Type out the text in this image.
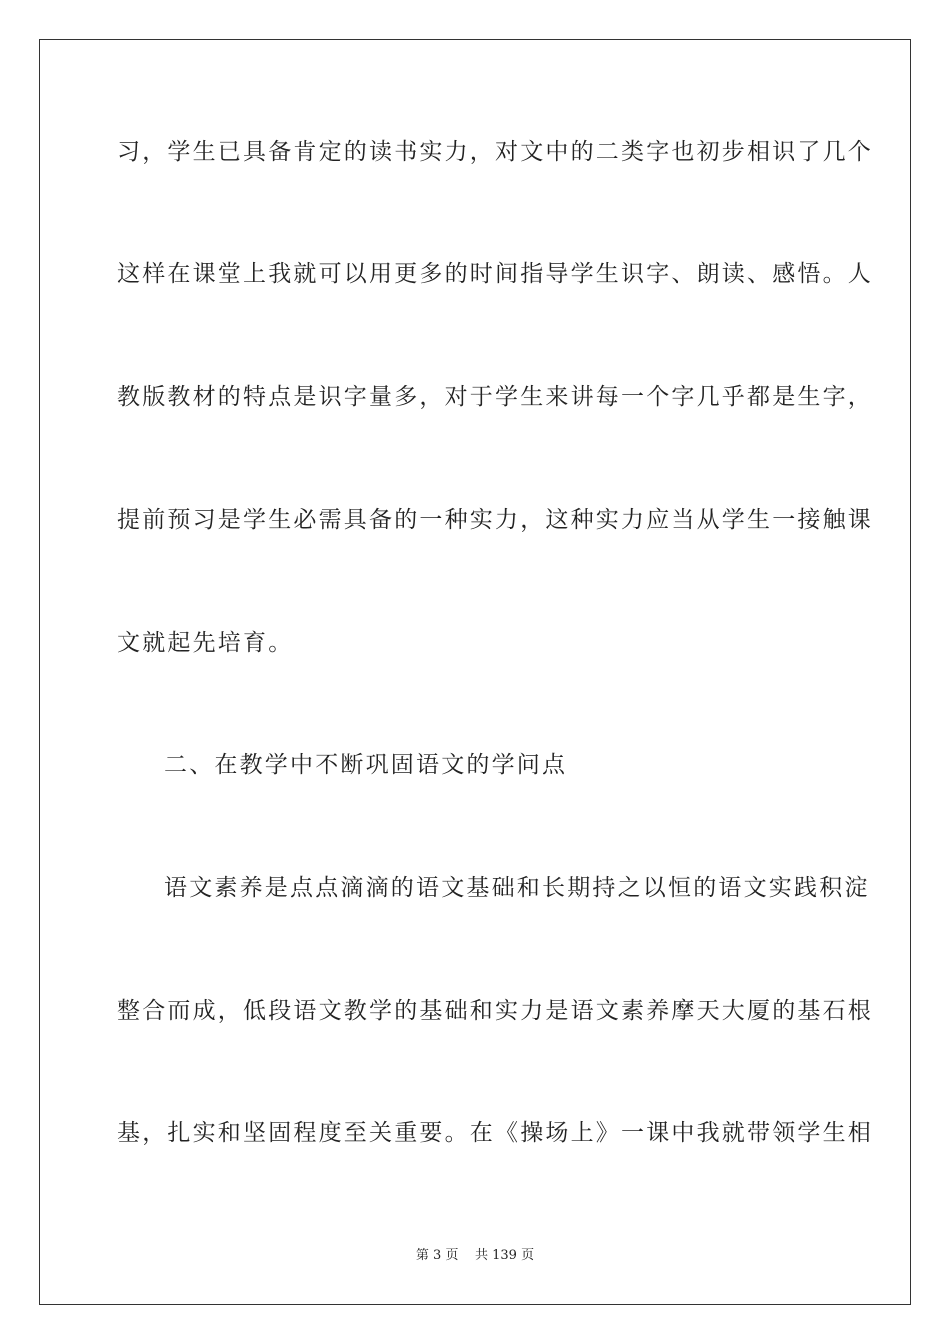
习，学生已具备肯定的读书实力，对文中的二类字也初步相识了几个

这样在课堂上我就可以用更多的时间指导学生识字、朗读、感悟。人

教版教材的特点是识字量多，对于学生来讲每一个字几乎都是生字，

提前预习是学生必需具备的一种实力，这种实力应当从学生一接触课

文就起先培育。

二、在教学中不断巩固语文的学问点

语文素养是点点滴滴的语文基础和长期持之以恒的语文实践积淀

整合而成，低段语文教学的基础和实力是语文素养摩天大厦的基石根

基，扎实和坚固程度至关重要。在《操场上》一课中我就带领学生相

第 3 页 共 139 页
